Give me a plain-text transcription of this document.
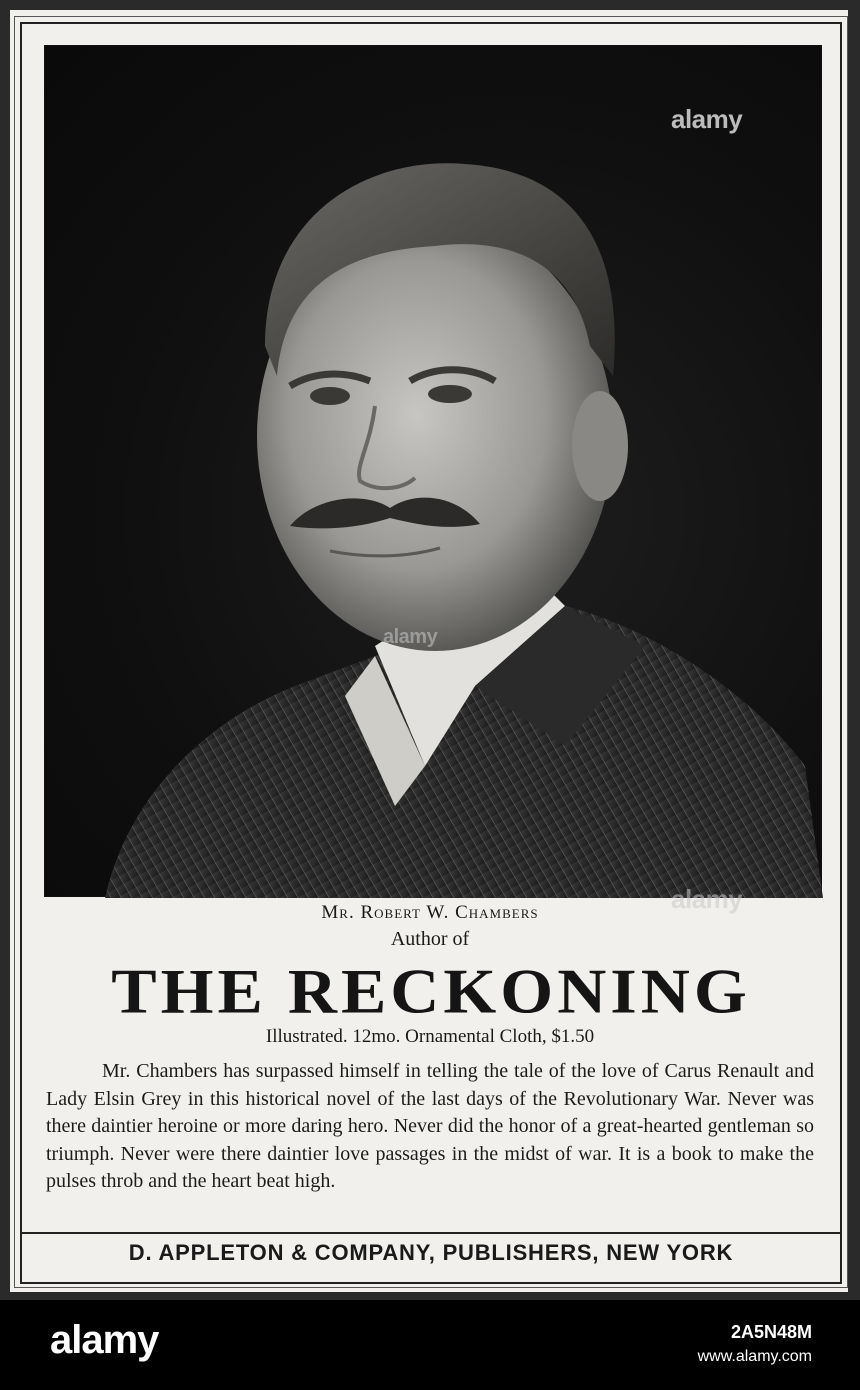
alamy
alamy
alamy
Mr. Robert W. Chambers
Author of
THE RECKONING
Illustrated. 12mo. Ornamental Cloth, $1.50

Mr. Chambers has surpassed himself in telling the tale of the love of Carus Renault and Lady Elsin Grey in this historical novel of the last days of the Revolutionary War. Never was there daintier heroine or more daring hero. Never did the honor of a great-hearted gentleman so triumph. Never were there daintier love passages in the midst of war. It is a book to make the pulses throb and the heart beat high.

D. APPLETON & COMPANY, PUBLISHERS, NEW YORK
alamy	2A5N48M
www.alamy.com
